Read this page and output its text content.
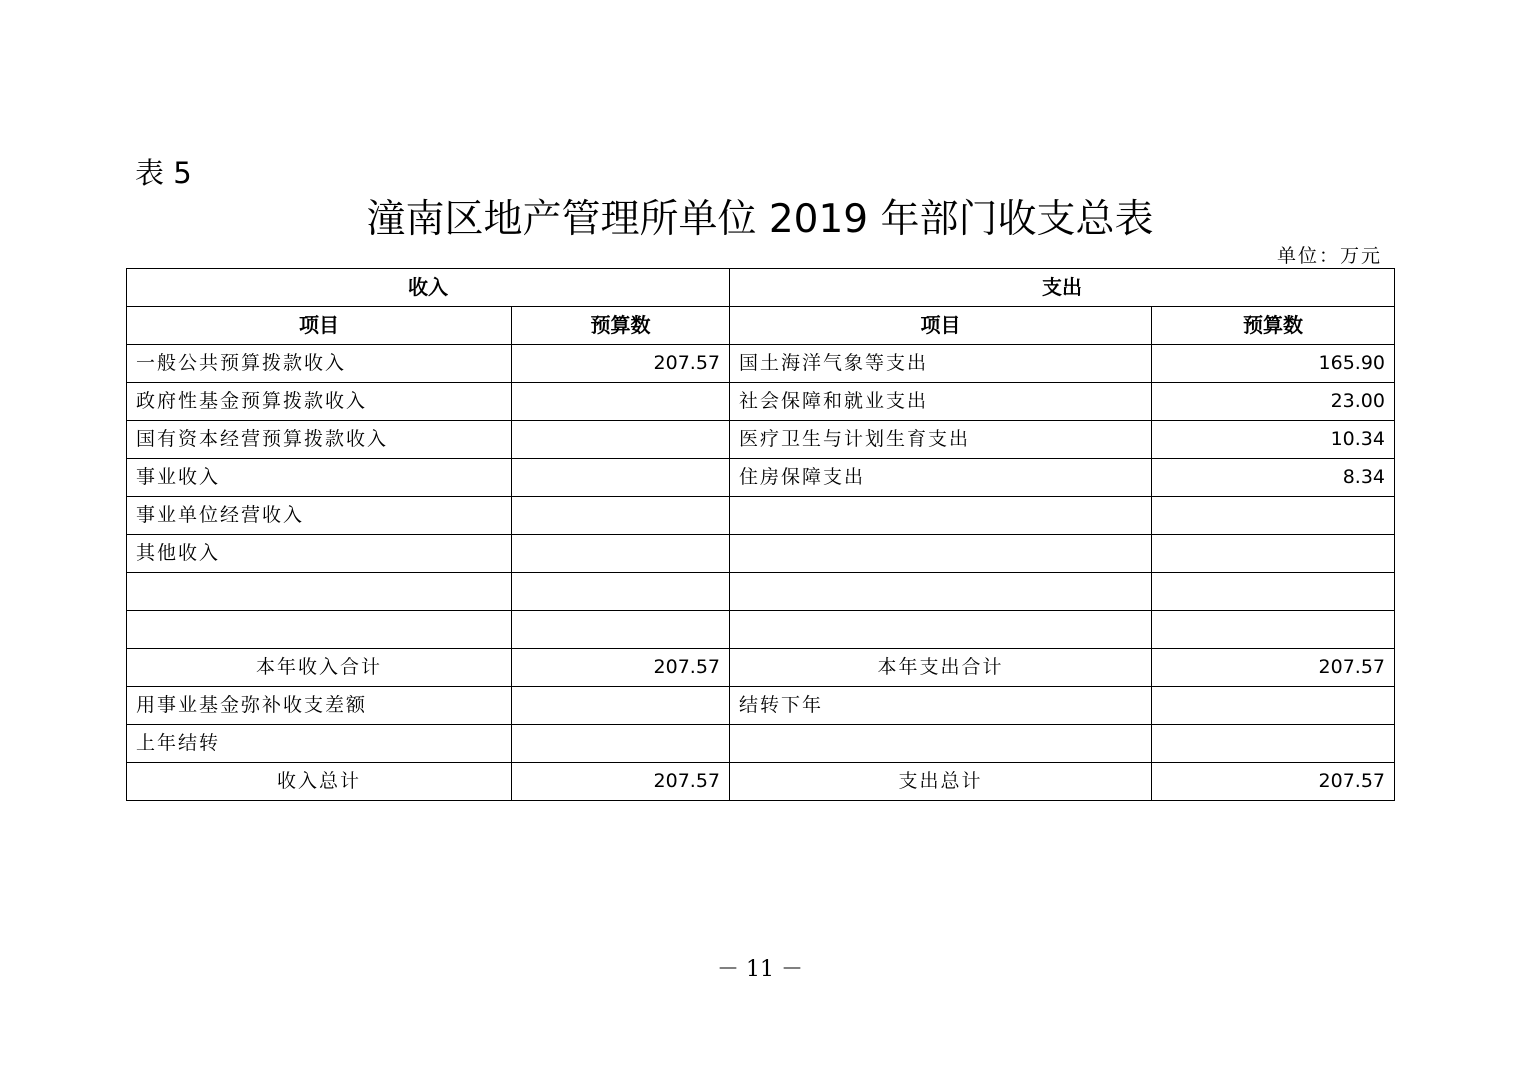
表 5
潼南区地产管理所单位 2019 年部门收支总表
单位：万元
收入		支出	
项目	预算数	项目	预算数
一般公共预算拨款收入	207.57	国土海洋气象等支出	165.90
政府性基金预算拨款收入		社会保障和就业支出	23.00
国有资本经营预算拨款收入		医疗卫生与计划生育支出	10.34
事业收入		住房保障支出	8.34
事业单位经营收入			
其他收入			

本年收入合计	207.57	本年支出合计	207.57
用事业基金弥补收支差额		结转下年	
上年结转			
收入总计	207.57	支出总计	207.57
－ 11 －
